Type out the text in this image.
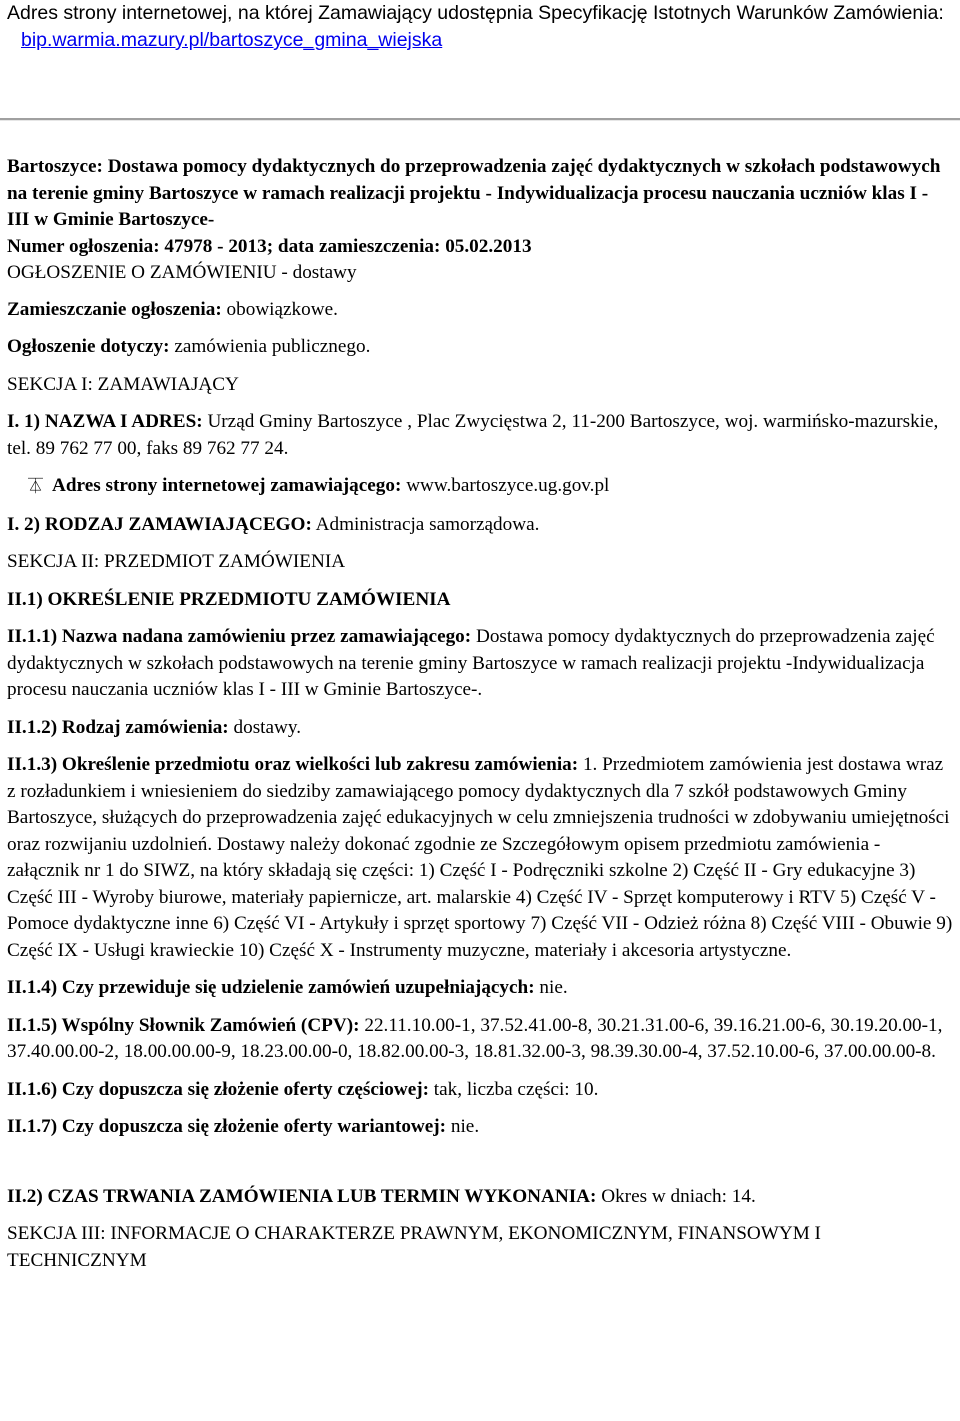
Adres strony internetowej, na której Zamawiający udostępnia Specyfikację Istotnych Warunków Zamówienia:
bip.warmia.mazury.pl/bartoszyce_gmina_wiejska

Bartoszyce: Dostawa pomocy dydaktycznych do przeprowadzenia zajęć dydaktycznych w szkołach podstawowych na terenie gminy Bartoszyce w ramach realizacji projektu - Indywidualizacja procesu nauczania uczniów klas I - III w Gminie Bartoszyce-
Numer ogłoszenia: 47978 - 2013; data zamieszczenia: 05.02.2013

OGŁOSZENIE O ZAMÓWIENIU - dostawy

Zamieszczanie ogłoszenia: obowiązkowe.

Ogłoszenie dotyczy: zamówienia publicznego.

SEKCJA I: ZAMAWIAJĄCY

I. 1) NAZWA I ADRES: Urząd Gminy Bartoszyce , Plac Zwycięstwa 2, 11-200 Bartoszyce, woj. warmińsko-mazurskie, tel. 89 762 77 00, faks 89 762 77 24.

⏄ Adres strony internetowej zamawiającego: www.bartoszyce.ug.gov.pl

I. 2) RODZAJ ZAMAWIAJĄCEGO: Administracja samorządowa.

SEKCJA II: PRZEDMIOT ZAMÓWIENIA

II.1) OKREŚLENIE PRZEDMIOTU ZAMÓWIENIA

II.1.1) Nazwa nadana zamówieniu przez zamawiającego: Dostawa pomocy dydaktycznych do przeprowadzenia zajęć dydaktycznych w szkołach podstawowych na terenie gminy Bartoszyce w ramach realizacji projektu -Indywidualizacja procesu nauczania uczniów klas I - III w Gminie Bartoszyce-.

II.1.2) Rodzaj zamówienia: dostawy.

II.1.3) Określenie przedmiotu oraz wielkości lub zakresu zamówienia: 1. Przedmiotem zamówienia jest dostawa wraz z rozładunkiem i wniesieniem do siedziby zamawiającego pomocy dydaktycznych dla 7 szkół podstawowych Gminy Bartoszyce, służących do przeprowadzenia zajęć edukacyjnych w celu zmniejszenia trudności w zdobywaniu umiejętności oraz rozwijaniu uzdolnień. Dostawy należy dokonać zgodnie ze Szczegółowym opisem przedmiotu zamówienia - załącznik nr 1 do SIWZ, na który składają się części: 1) Część I - Podręczniki szkolne 2) Część II - Gry edukacyjne 3) Część III - Wyroby biurowe, materiały papiernicze, art. malarskie 4) Część IV - Sprzęt komputerowy i RTV 5) Część V - Pomoce dydaktyczne inne 6) Część VI - Artykuły i sprzęt sportowy 7) Część VII - Odzież różna 8) Część VIII - Obuwie 9) Część IX - Usługi krawieckie 10) Część X - Instrumenty muzyczne, materiały i akcesoria artystyczne.

II.1.4) Czy przewiduje się udzielenie zamówień uzupełniających: nie.

II.1.5) Wspólny Słownik Zamówień (CPV): 22.11.10.00-1, 37.52.41.00-8, 30.21.31.00-6, 39.16.21.00-6, 30.19.20.00-1, 37.40.00.00-2, 18.00.00.00-9, 18.23.00.00-0, 18.82.00.00-3, 18.81.32.00-3, 98.39.30.00-4, 37.52.10.00-6, 37.00.00.00-8.

II.1.6) Czy dopuszcza się złożenie oferty częściowej: tak, liczba części: 10.

II.1.7) Czy dopuszcza się złożenie oferty wariantowej: nie.

II.2) CZAS TRWANIA ZAMÓWIENIA LUB TERMIN WYKONANIA: Okres w dniach: 14.

SEKCJA III: INFORMACJE O CHARAKTERZE PRAWNYM, EKONOMICZNYM, FINANSOWYM I TECHNICZNYM
